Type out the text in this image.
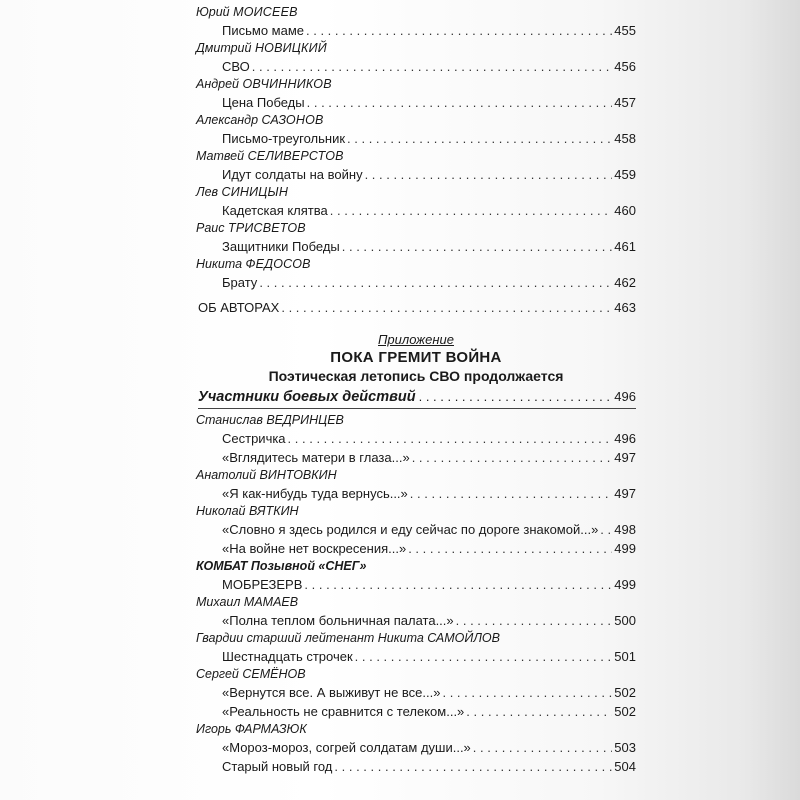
Юрий МОИСЕЕВ
Письмо маме . . .	455
Дмитрий НОВИЦКИЙ
СВО . . .	456
Андрей ОВЧИННИКОВ
Цена Победы . . .	457
Александр САЗОНОВ
Письмо-треугольник . . .	458
Матвей СЕЛИВЕРСТОВ
Идут солдаты на войну . . .	459
Лев СИНИЦЫН
Кадетская клятва . . .	460
Раис ТРИСВЕТОВ
Защитники Победы . . .	461
Никита ФЕДОСОВ
Брату . . .	462
ОБ АВТОРАХ . . .	463
Приложение
ПОКА ГРЕМИТ ВОЙНА
Поэтическая летопись СВО продолжается
Участники боевых действий . . .	496
Станислав ВЕДРИНЦЕВ
Сестричка . . .	496
«Вглядитесь матери в глаза...» . . .	497
Анатолий ВИНТОВКИН
«Я как-нибудь туда вернусь...» . . .	497
Николай ВЯТКИН
«Словно я здесь родился и еду сейчас по дороге знакомой...» . . . 498
«На войне нет воскресения...» . . .	499
КОМБАТ Позывной «СНЕГ»
МОБРЕЗЕРВ . . .	499
Михаил МАМАЕВ
«Полна теплом больничная палата...» . . .	500
Гвардии старший лейтенант Никита САМОЙЛОВ
Шестнадцать строчек . . .	501
Сергей СЕМЁНОВ
«Вернутся все. А выживут не все...» . . .	502
«Реальность не сравнится с телеком...» . . .	502
Игорь ФАРМАЗЮК
«Мороз-мороз, согрей солдатам души...» . . .	503
Старый новый год . . .	504
